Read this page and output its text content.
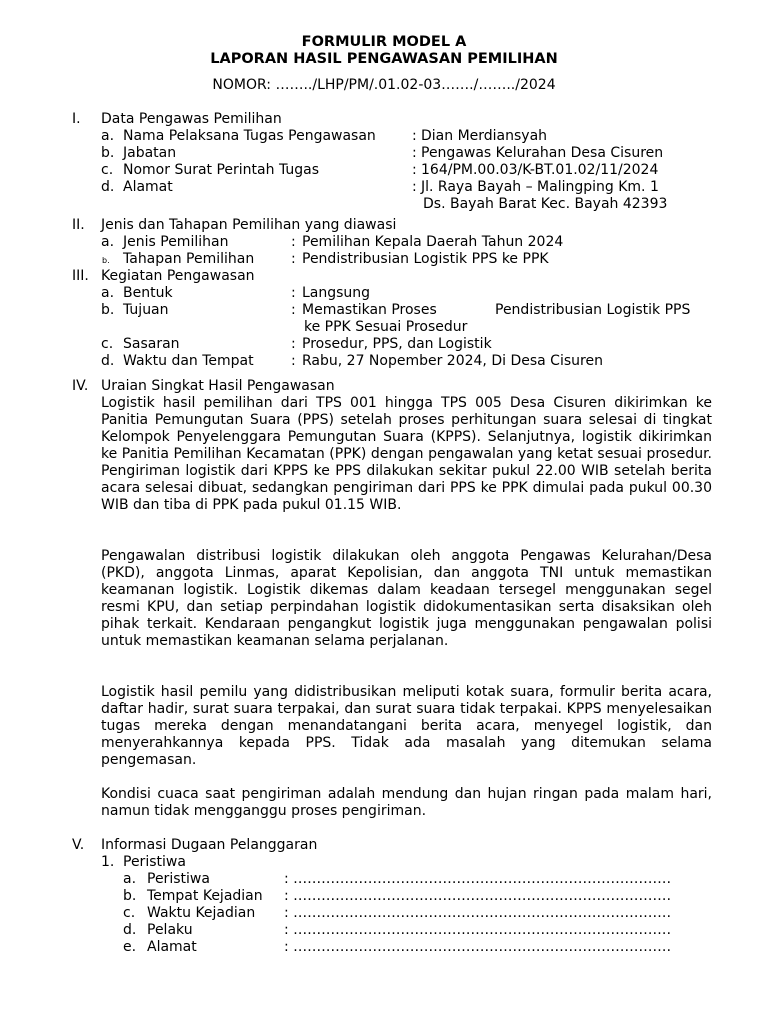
FORMULIR MODEL A
LAPORAN HASIL PENGAWASAN PEMILIHAN
NOMOR: ……../LHP/PM/.01.02-03……./……../2024
I. Data Pengawas Pemilihan
a. Nama Pelaksana Tugas Pengawasan	: Dian Merdiansyah
b. Jabatan	: Pengawas Kelurahan Desa Cisuren
c. Nomor Surat Perintah Tugas	: 164/PM.00.03/K-BT.01.02/11/2024
d. Alamat	: Jl. Raya Bayah – Malingping Km. 1
Ds. Bayah Barat Kec. Bayah 42393
II. Jenis dan Tahapan Pemilihan yang diawasi
a. Jenis Pemilihan	: Pemilihan Kepala Daerah Tahun 2024
b. Tahapan Pemilihan	: Pendistribusian Logistik PPS ke PPK
III. Kegiatan Pengawasan
a. Bentuk	: Langsung
b. Tujuan	: Memastikan Proses	Pendistribusian Logistik PPS
ke PPK Sesuai Prosedur
c. Sasaran	: Prosedur, PPS, dan Logistik
d. Waktu dan Tempat	: Rabu, 27 Nopember 2024, Di Desa Cisuren
IV. Uraian Singkat Hasil Pengawasan
Logistik hasil pemilihan dari TPS 001 hingga TPS 005 Desa Cisuren dikirimkan ke Panitia Pemungutan Suara (PPS) setelah proses perhitungan suara selesai di tingkat Kelompok Penyelenggara Pemungutan Suara (KPPS). Selanjutnya, logistik dikirimkan ke Panitia Pemilihan Kecamatan (PPK) dengan pengawalan yang ketat sesuai prosedur. Pengiriman logistik dari KPPS ke PPS dilakukan sekitar pukul 22.00 WIB setelah berita acara selesai dibuat, sedangkan pengiriman dari PPS ke PPK dimulai pada pukul 00.30 WIB dan tiba di PPK pada pukul 01.15 WIB.
Pengawalan distribusi logistik dilakukan oleh anggota Pengawas Kelurahan/Desa (PKD), anggota Linmas, aparat Kepolisian, dan anggota TNI untuk memastikan keamanan logistik. Logistik dikemas dalam keadaan tersegel menggunakan segel resmi KPU, dan setiap perpindahan logistik didokumentasikan serta disaksikan oleh pihak terkait. Kendaraan pengangkut logistik juga menggunakan pengawalan polisi untuk memastikan keamanan selama perjalanan.
Logistik hasil pemilu yang didistribusikan meliputi kotak suara, formulir berita acara, daftar hadir, surat suara terpakai, dan surat suara tidak terpakai. KPPS menyelesaikan tugas mereka dengan menandatangani berita acara, menyegel logistik, dan menyerahkannya kepada PPS. Tidak ada masalah yang ditemukan selama pengemasan.
Kondisi cuaca saat pengiriman adalah mendung dan hujan ringan pada malam hari, namun tidak mengganggu proses pengiriman.
V. Informasi Dugaan Pelanggaran
1. Peristiwa
a. Peristiwa	: ………………………………………………………………………
b. Tempat Kejadian : ………………………………………………………………………
c. Waktu Kejadian : ………………………………………………………………………
d. Pelaku	: ………………………………………………………………………
e. Alamat	: ………………………………………………………………………
